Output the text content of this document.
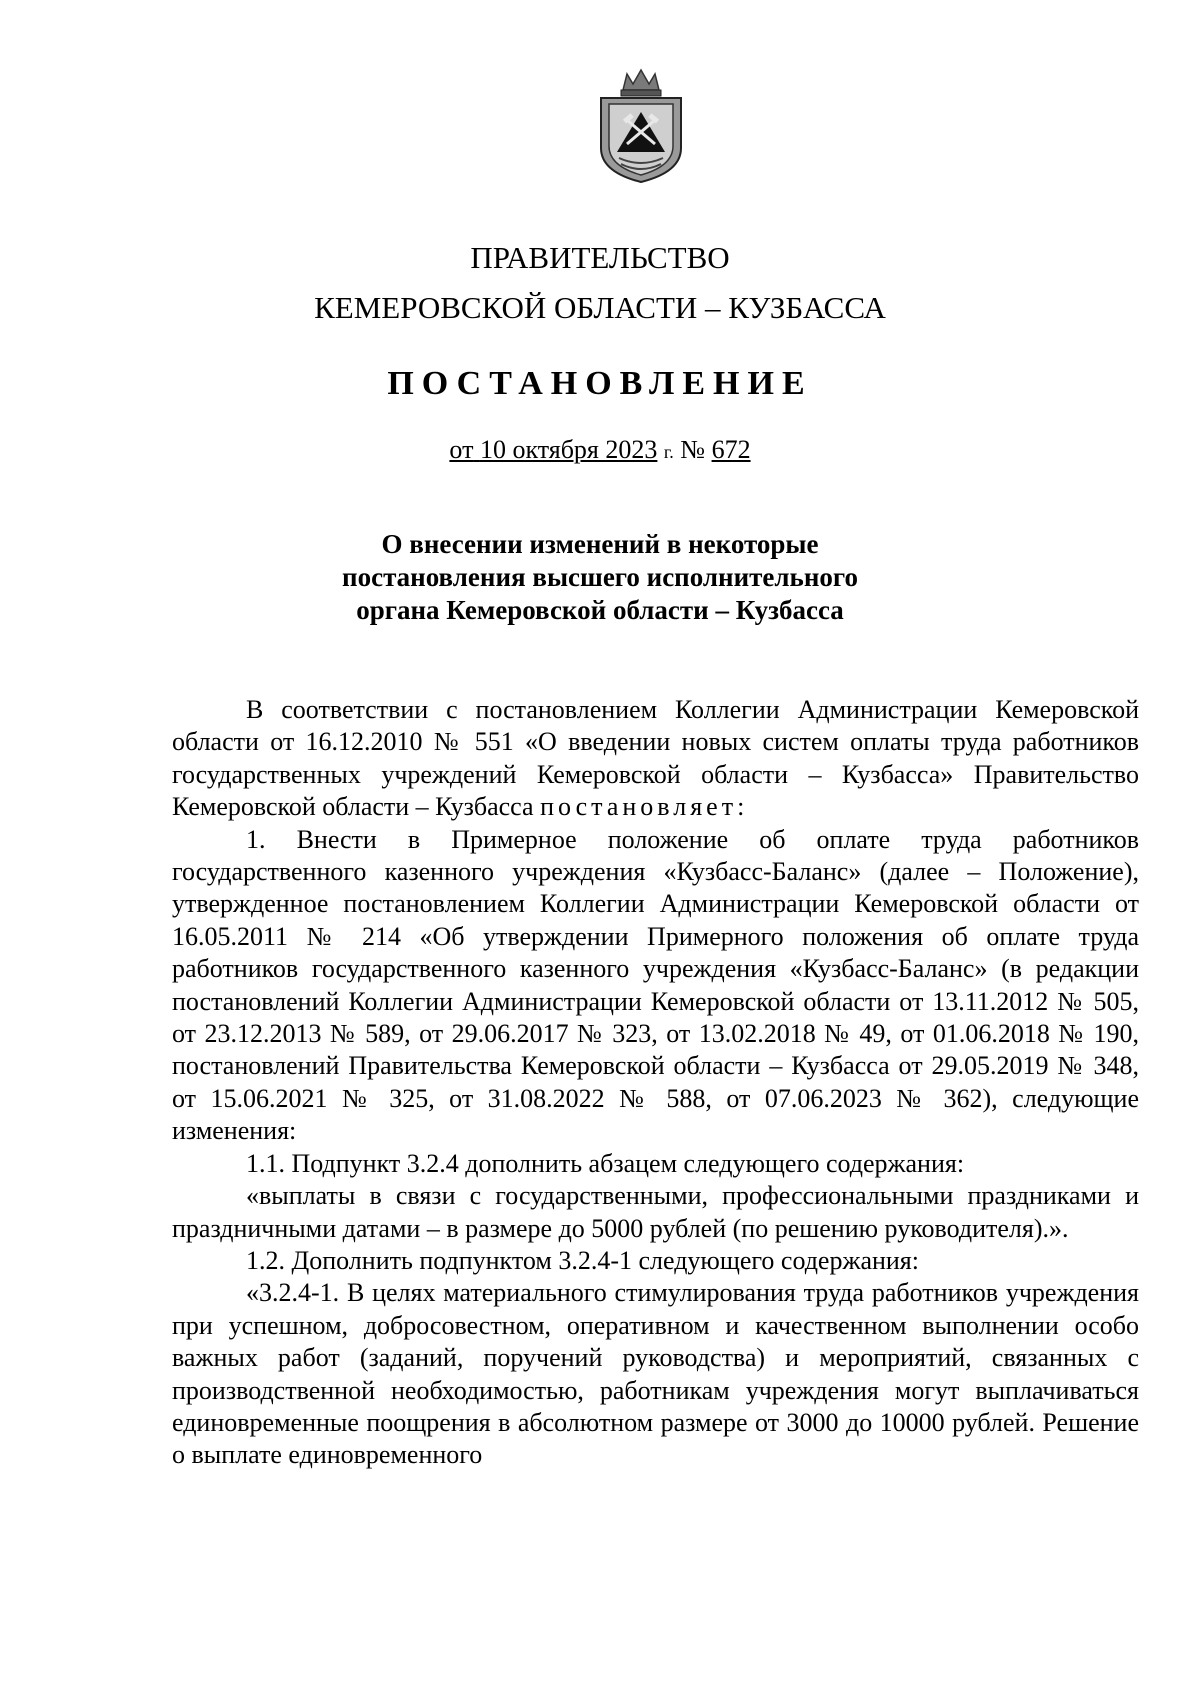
ПРАВИТЕЛЬСТВО
КЕМЕРОВСКОЙ ОБЛАСТИ – КУЗБАССА
ПОСТАНОВЛЕНИЕ
от 10 октября 2023 г. № 672
О внесении изменений в некоторые
постановления высшего исполнительного
органа Кемеровской области – Кузбасса

В соответствии с постановлением Коллегии Администрации Кемеровской области от 16.12.2010 № 551 «О введении новых систем оплаты труда работников государственных учреждений Кемеровской области – Кузбасса» Правительство Кемеровской области – Кузбасса постановляет:

1. Внести в Примерное положение об оплате труда работников государственного казенного учреждения «Кузбасс-Баланс» (далее – Положение), утвержденное постановлением Коллегии Администрации Кемеровской области от 16.05.2011 № 214 «Об утверждении Примерного положения об оплате труда работников государственного казенного учреждения «Кузбасс-Баланс» (в редакции постановлений Коллегии Администрации Кемеровской области от 13.11.2012 № 505, от 23.12.2013 № 589, от 29.06.2017 № 323, от 13.02.2018 № 49, от 01.06.2018 № 190, постановлений Правительства Кемеровской области – Кузбасса от 29.05.2019 № 348, от 15.06.2021 № 325, от 31.08.2022 № 588, от 07.06.2023 № 362), следующие изменения:

1.1. Подпункт 3.2.4 дополнить абзацем следующего содержания:

«выплаты в связи с государственными, профессиональными праздниками и праздничными датами – в размере до 5000 рублей (по решению руководителя).».

1.2. Дополнить подпунктом 3.2.4-1 следующего содержания:

«3.2.4-1. В целях материального стимулирования труда работников учреждения при успешном, добросовестном, оперативном и качественном выполнении особо важных работ (заданий, поручений руководства) и мероприятий, связанных с производственной необходимостью, работникам учреждения могут выплачиваться единовременные поощрения в абсолютном размере от 3000 до 10000 рублей. Решение о выплате единовременного
